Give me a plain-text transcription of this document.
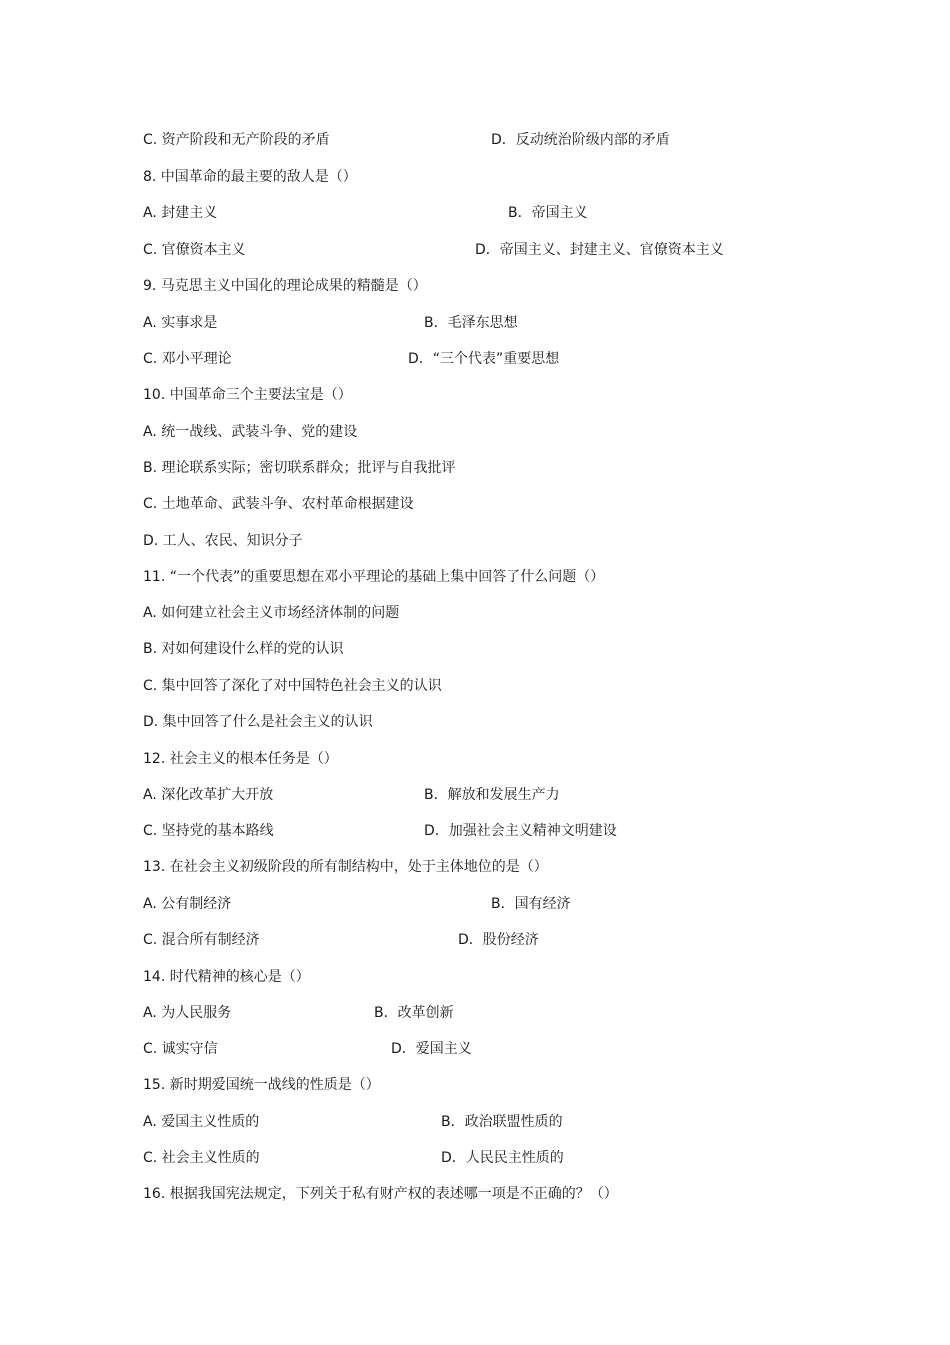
C. 资产阶段和无产阶段的矛盾	D．反动统治阶级内部的矛盾
8. 中国革命的最主要的敌人是（）
A. 封建主义	B．帝国主义
C. 官僚资本主义	D．帝国主义、封建主义、官僚资本主义
9. 马克思主义中国化的理论成果的精髓是（）
A. 实事求是	B．毛泽东思想
C. 邓小平理论	D．“三个代表”重要思想
10. 中国革命三个主要法宝是（）
A. 统一战线、武装斗争、党的建设
B. 理论联系实际；密切联系群众；批评与自我批评
C. 土地革命、武装斗争、农村革命根据建设
D. 工人、农民、知识分子
11. “一个代表”的重要思想在邓小平理论的基础上集中回答了什么问题（）
A. 如何建立社会主义市场经济体制的问题
B. 对如何建设什么样的党的认识
C. 集中回答了深化了对中国特色社会主义的认识
D. 集中回答了什么是社会主义的认识
12. 社会主义的根本任务是（）
A. 深化改革扩大开放	B．解放和发展生产力
C. 坚持党的基本路线	D．加强社会主义精神文明建设
13. 在社会主义初级阶段的所有制结构中，处于主体地位的是（）
A. 公有制经济	B．国有经济
C. 混合所有制经济	D．股份经济
14. 时代精神的核心是（）
A. 为人民服务	B．改革创新
C. 诚实守信	D．爱国主义
15. 新时期爱国统一战线的性质是（）
A. 爱国主义性质的	B．政治联盟性质的
C. 社会主义性质的	D．人民民主性质的
16. 根据我国宪法规定，下列关于私有财产权的表述哪一项是不正确的？（）
